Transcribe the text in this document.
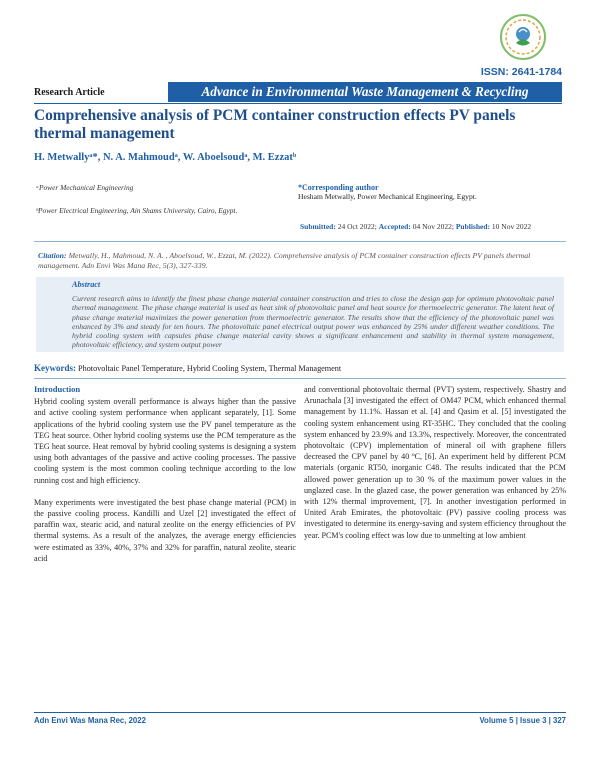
ISSN: 2641-1784
Research Article	Advance in Environmental Waste Management & Recycling
Comprehensive analysis of PCM container construction effects PV panels thermal management
H. Metwallyᵃ*, N. A. Mahmoudᵃ, W. Aboelsoudᵃ, M. Ezzatᵇ
ᵃPower Mechanical Engineering
ᵇPower Electrical Engineering, Ain Shams University, Cairo, Egypt.
*Corresponding author
Hesham Metwally, Power Mechanical Engineering, Egypt.
Submitted: 24 Oct 2022; Accepted: 04 Nov 2022; Published: 10 Nov 2022
Citation: Metwally, H., Mahmoud, N. A. , Aboelsoud, W., Ezzat, M. (2022). Comprehensive analysis of PCM container construction effects PV panels thermal management. Adn Envi Was Mana Rec, 5(3), 327-339.
Abstract
Current research aims to identify the finest phase change material container construction and tries to close the design gap for optimum photovoltaic panel thermal management. The phase change material is used as heat sink of photovoltaic panel and heat source for thermoelectric generator. The latent heat of phase change material maximizes the power generation from thermoelectric generator. The results show that the efficiency of the photovoltaic panel was enhanced by 3% and steady for ten hours. The photovoltaic panel electrical output power was enhanced by 25% under different weather conditions. The hybrid cooling system with capsules phase change material cavity shows a significant enhancement and stability in thermal system management, photovoltaic efficiency, and system output power
Keywords: Photovoltaic Panel Temperature, Hybrid Cooling System, Thermal Management
Introduction

Hybrid cooling system overall performance is always higher than the passive and active cooling system performance when applicant separately, [1]. Some applications of the hybrid cooling system use the PV panel temperature as the TEG heat source. Other hybrid cooling systems use the PCM temperature as the TEG heat source. Heat removal by hybrid cooling systems is designing a system using both advantages of the passive and active cooling processes. The passive cooling system is the most common cooling technique according to the low running cost and high efficiency.

Many experiments were investigated the best phase change material (PCM) in the passive cooling process. Kandilli and Uzel [2] investigated the effect of paraffin wax, stearic acid, and natural zeolite on the energy efficiencies of PV thermal systems. As a result of the analyzes, the average energy efficiencies were estimated as 33%, 40%, 37% and 32% for paraffin, natural zeolite, stearic acid

and conventional photovoltaic thermal (PVT) system, respectively. Shastry and Arunachala [3] investigated the effect of OM47 PCM, which enhanced thermal management by 11.1%. Hassan et al. [4] and Qasim et al. [5] investigated the cooling system enhancement using RT-35HC. They concluded that the cooling system enhanced by 23.9% and 13.3%, respectively. Moreover, the concentrated photovoltaic (CPV) implementation of mineral oil with graphene fillers decreased the CPV panel by 40 ºC, [6]. An experiment held by different PCM materials (organic RT50, inorganic C48. The results indicated that the PCM allowed power generation up to 30 % of the maximum power values in the unglazed case. In the glazed case, the power generation was enhanced by 25% with 12% thermal improvement, [7]. In another investigation performed in United Arab Emirates, the photovoltaic (PV) passive cooling process was investigated to determine its energy-saving and system efficiency throughout the year. PCM's cooling effect was low due to unmelting at low ambient

Adn Envi Was Mana Rec, 2022	Volume 5 | Issue 3 | 327
